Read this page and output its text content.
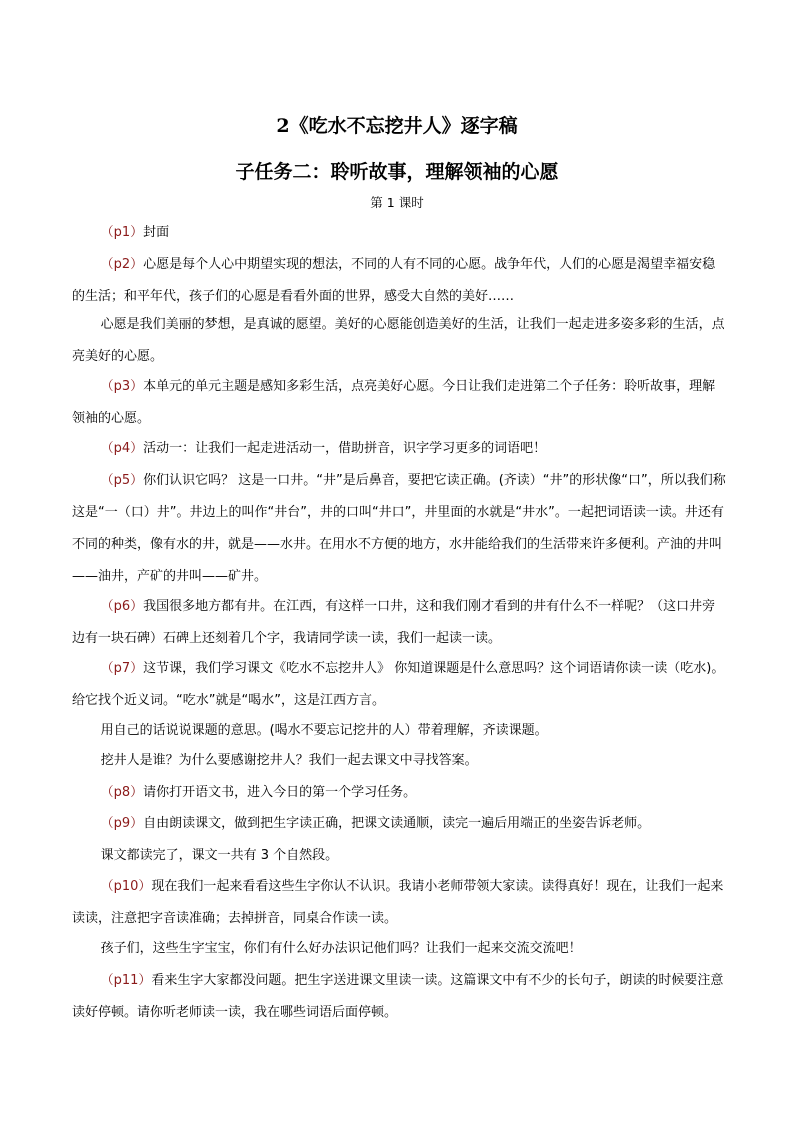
2《吃水不忘挖井人》逐字稿
子任务二：聆听故事，理解领袖的心愿
第 1 课时

（p1）封面

（p2）心愿是每个人心中期望实现的想法，不同的人有不同的心愿。战争年代，人们的心愿是渴望幸福安稳的生活；和平年代，孩子们的心愿是看看外面的世界，感受大自然的美好……

心愿是我们美丽的梦想，是真诚的愿望。美好的心愿能创造美好的生活，让我们一起走进多姿多彩的生活，点亮美好的心愿。

（p3）本单元的单元主题是感知多彩生活，点亮美好心愿。今日让我们走进第二个子任务：聆听故事，理解领袖的心愿。

（p4）活动一：让我们一起走进活动一，借助拼音，识字学习更多的词语吧！

（p5）你们认识它吗？ 这是一口井。“井”是后鼻音，要把它读正确。(齐读）“井”的形状像“口”，所以我们称这是“一（口）井”。井边上的叫作“井台”，井的口叫“井口”，井里面的水就是“井水”。一起把词语读一读。井还有不同的种类，像有水的井，就是——水井。在用水不方便的地方，水井能给我们的生活带来许多便利。产油的井叫——油井，产矿的井叫——矿井。

（p6）我国很多地方都有井。在江西，有这样一口井，这和我们刚才看到的井有什么不一样呢？（这口井旁边有一块石碑）石碑上还刻着几个字，我请同学读一读，我们一起读一读。

（p7）这节课，我们学习课文《吃水不忘挖井人》 你知道课题是什么意思吗？这个词语请你读一读（吃水)。给它找个近义词。“吃水”就是“喝水”，这是江西方言。

用自己的话说说课题的意思。(喝水不要忘记挖井的人）带着理解，齐读课题。

挖井人是谁？为什么要感谢挖井人？我们一起去课文中寻找答案。

（p8）请你打开语文书，进入今日的第一个学习任务。

（p9）自由朗读课文，做到把生字读正确，把课文读通顺，读完一遍后用端正的坐姿告诉老师。

课文都读完了，课文一共有 3 个自然段。

（p10）现在我们一起来看看这些生字你认不认识。我请小老师带领大家读。读得真好！现在，让我们一起来读读，注意把字音读准确；去掉拼音，同桌合作读一读。

孩子们，这些生字宝宝，你们有什么好办法识记他们吗？让我们一起来交流交流吧！

（p11）看来生字大家都没问题。把生字送进课文里读一读。这篇课文中有不少的长句子，朗读的时候要注意读好停顿。请你听老师读一读，我在哪些词语后面停顿。
